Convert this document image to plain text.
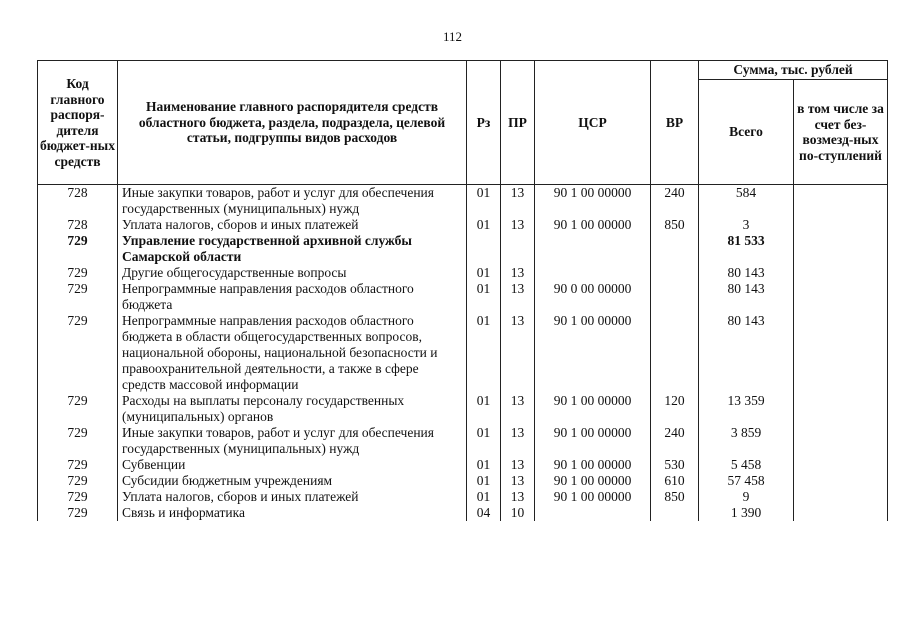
112
Код главного распоря-дителя бюджет-ных средств	Наименование главного распорядителя средств областного бюджета, раздела, подраздела, целевой статьи, подгруппы видов расходов	Рз	ПР	ЦСР	ВР	Сумма, тыс. рублей	
						Всего	в том числе за счет без-возмезд-ных по-ступлений
728	Иные закупки товаров, работ и услуг для обеспечения государственных (муниципальных) нужд	01	13	90 1 00 00000	240	584	
728	Уплата налогов, сборов и иных платежей	01	13	90 1 00 00000	850	3	
729	Управление государственной архивной службы Самарской области					81 533	
729	Другие общегосударственные вопросы	01	13			80 143	
729	Непрограммные направления расходов областного бюджета	01	13	90 0 00 00000		80 143	
729	Непрограммные направления расходов областного бюджета в области общегосударственных вопросов, национальной обороны, национальной безопасности и правоохранительной деятельности, а также в сфере средств массовой информации	01	13	90 1 00 00000		80 143	
729	Расходы на выплаты персоналу государственных (муниципальных) органов	01	13	90 1 00 00000	120	13 359	
729	Иные закупки товаров, работ и услуг для обеспечения государственных (муниципальных) нужд	01	13	90 1 00 00000	240	3 859	
729	Субвенции	01	13	90 1 00 00000	530	5 458	
729	Субсидии бюджетным учреждениям	01	13	90 1 00 00000	610	57 458	
729	Уплата налогов, сборов и иных платежей	01	13	90 1 00 00000	850	9	
729	Связь и информатика	04	10			1 390	
